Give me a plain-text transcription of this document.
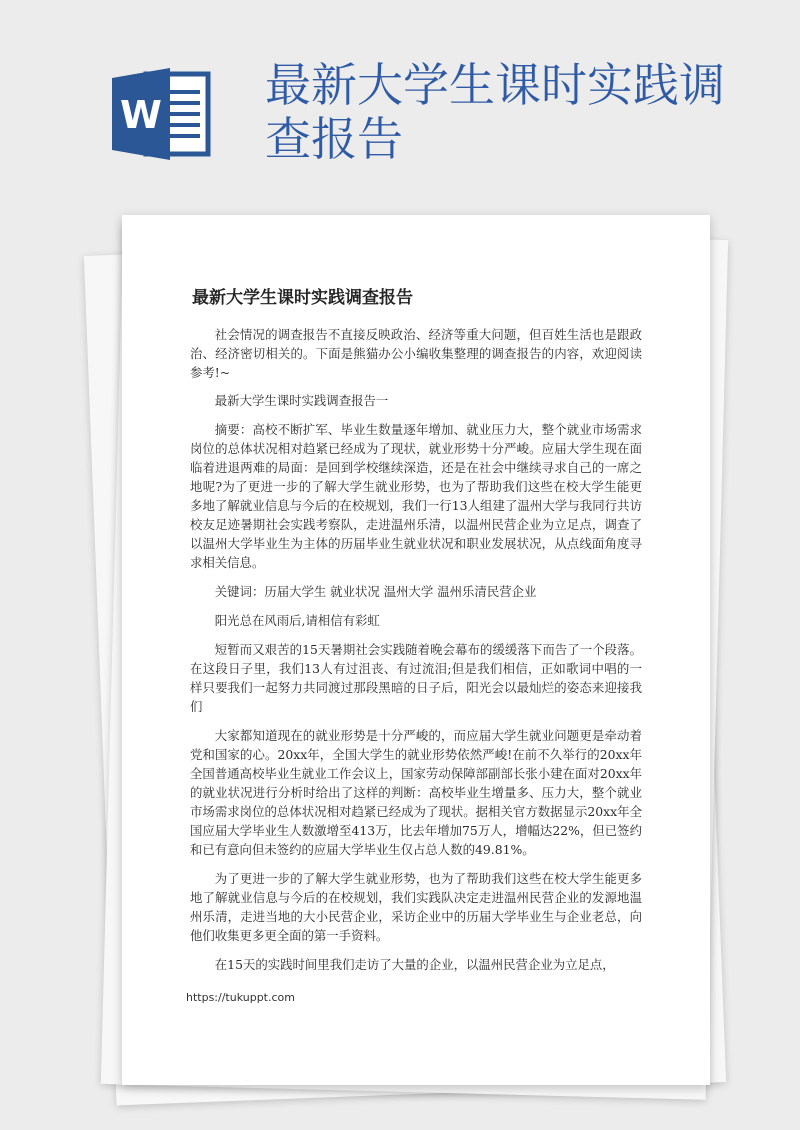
W
最新大学生课时实践调查报告
最新大学生课时实践调查报告

社会情况的调查报告不直接反映政治、经济等重大问题，但百姓生活也是跟政治、经济密切相关的。下面是熊猫办公小编收集整理的调查报告的内容，欢迎阅读参考!~

最新大学生课时实践调查报告一

摘要：高校不断扩军、毕业生数量逐年增加、就业压力大，整个就业市场需求岗位的总体状况相对趋紧已经成为了现状，就业形势十分严峻。应届大学生现在面临着进退两难的局面：是回到学校继续深造，还是在社会中继续寻求自己的一席之地呢?为了更进一步的了解大学生就业形势，也为了帮助我们这些在校大学生能更多地了解就业信息与今后的在校规划，我们一行13人组建了温州大学与我同行共访校友足迹暑期社会实践考察队，走进温州乐清，以温州民营企业为立足点，调查了以温州大学毕业生为主体的历届毕业生就业状况和职业发展状况，从点线面角度寻求相关信息。

关键词：历届大学生 就业状况 温州大学 温州乐清民营企业

阳光总在风雨后,请相信有彩虹

短暂而又艰苦的15天暑期社会实践随着晚会幕布的缓缓落下而告了一个段落。在这段日子里，我们13人有过沮丧、有过流泪;但是我们相信，正如歌词中唱的一样只要我们一起努力共同渡过那段黑暗的日子后，阳光会以最灿烂的姿态来迎接我们

大家都知道现在的就业形势是十分严峻的，而应届大学生就业问题更是牵动着党和国家的心。20xx年，全国大学生的就业形势依然严峻!在前不久举行的20xx年全国普通高校毕业生就业工作会议上，国家劳动保障部副部长张小建在面对20xx年的就业状况进行分析时给出了这样的判断：高校毕业生增量多、压力大，整个就业市场需求岗位的总体状况相对趋紧已经成为了现状。据相关官方数据显示20xx年全国应届大学毕业生人数激增至413万，比去年增加75万人，增幅达22%，但已签约和已有意向但未签约的应届大学毕业生仅占总人数的49.81%。

为了更进一步的了解大学生就业形势，也为了帮助我们这些在校大学生能更多地了解就业信息与今后的在校规划，我们实践队决定走进温州民营企业的发源地温州乐清，走进当地的大小民营企业，采访企业中的历届大学毕业生与企业老总，向他们收集更多更全面的第一手资料。

在15天的实践时间里我们走访了大量的企业，以温州民营企业为立足点，

https://tukuppt.com
